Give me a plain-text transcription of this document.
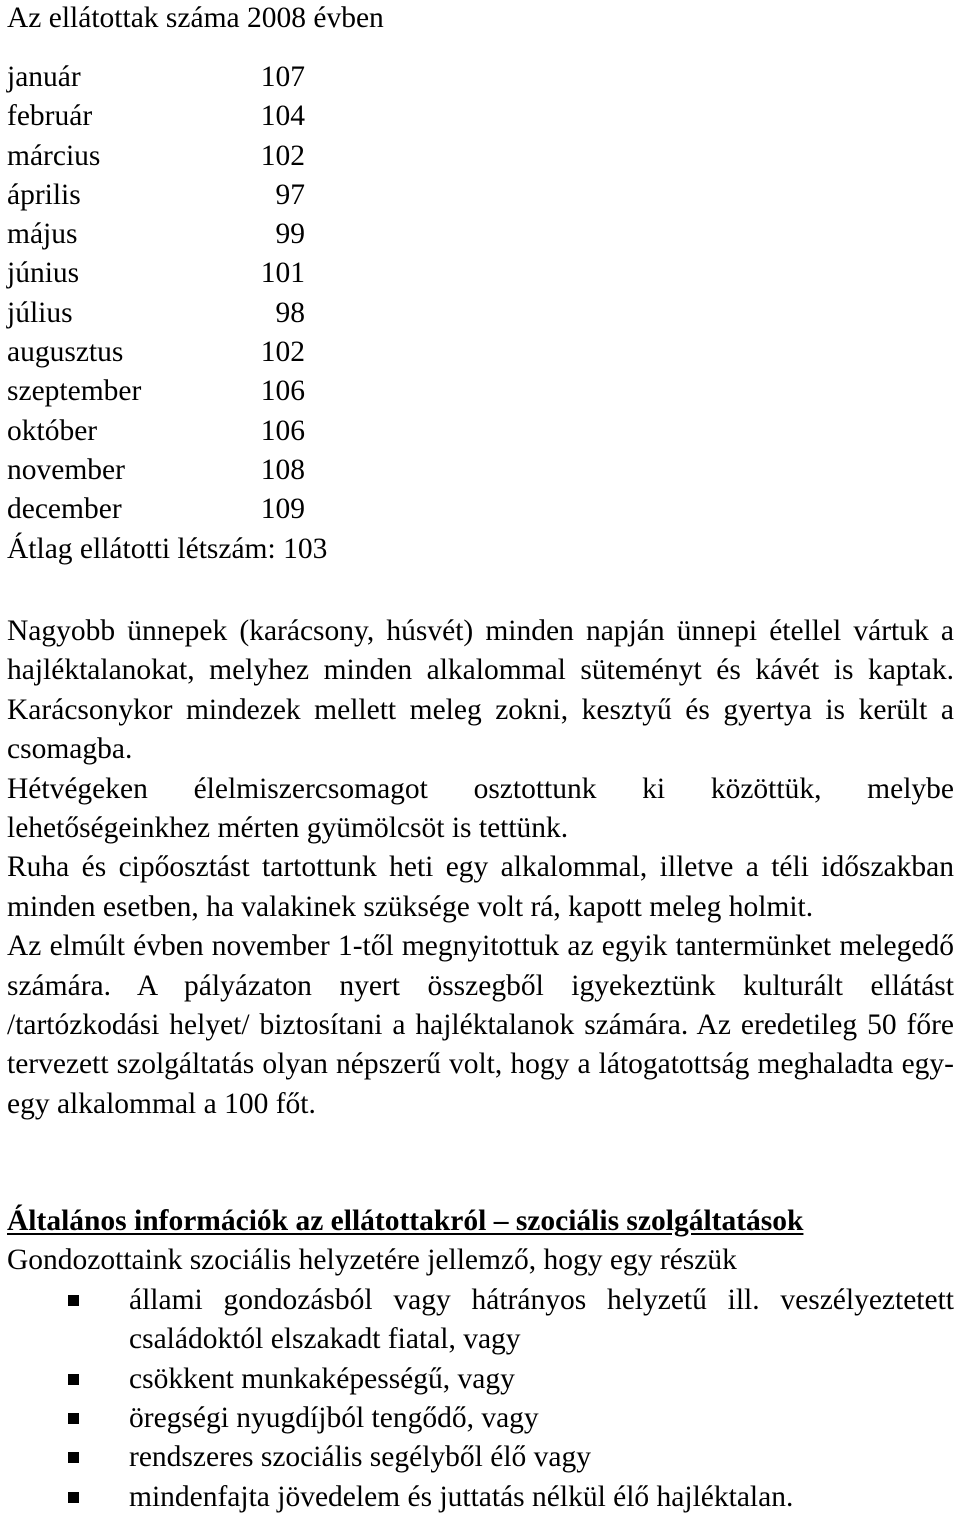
Az ellátottak száma 2008 évben
január	107
február	104
március	102
április	97
május	99
június	101
július	98
augusztus	102
szeptember	106
október	106
november	108
december	109
Átlag ellátotti létszám: 103

Nagyobb ünnepek (karácsony, húsvét) minden napján ünnepi étellel vártuk a hajléktalanokat, melyhez minden alkalommal süteményt és kávét is kaptak. Karácsonykor mindezek mellett meleg zokni, kesztyű és gyertya is került a csomagba.

Hétvégeken élelmiszercsomagot osztottunk ki közöttük, melybe lehetőségeinkhez mérten gyümölcsöt is tettünk.

Ruha és cipőosztást tartottunk heti egy alkalommal, illetve a téli időszakban minden esetben, ha valakinek szüksége volt rá, kapott meleg holmit.

Az elmúlt évben november 1-től megnyitottuk az egyik tantermünket melegedő számára. A pályázaton nyert összegből igyekeztünk kulturált ellátást /tartózkodási helyet/ biztosítani a hajléktalanok számára. Az eredetileg 50 főre tervezett szolgáltatás olyan népszerű volt, hogy a látogatottság meghaladta egy-egy alkalommal a 100 főt.

Általános információk az ellátottakról – szociális szolgáltatások
Gondozottaink szociális helyzetére jellemző, hogy egy részük
állami gondozásból vagy hátrányos helyzetű ill. veszélyeztetett családoktól elszakadt fiatal, vagy
csökkent munkaképességű, vagy
öregségi nyugdíjból tengődő, vagy
rendszeres szociális segélyből élő vagy
mindenfajta jövedelem és juttatás nélkül élő hajléktalan.
